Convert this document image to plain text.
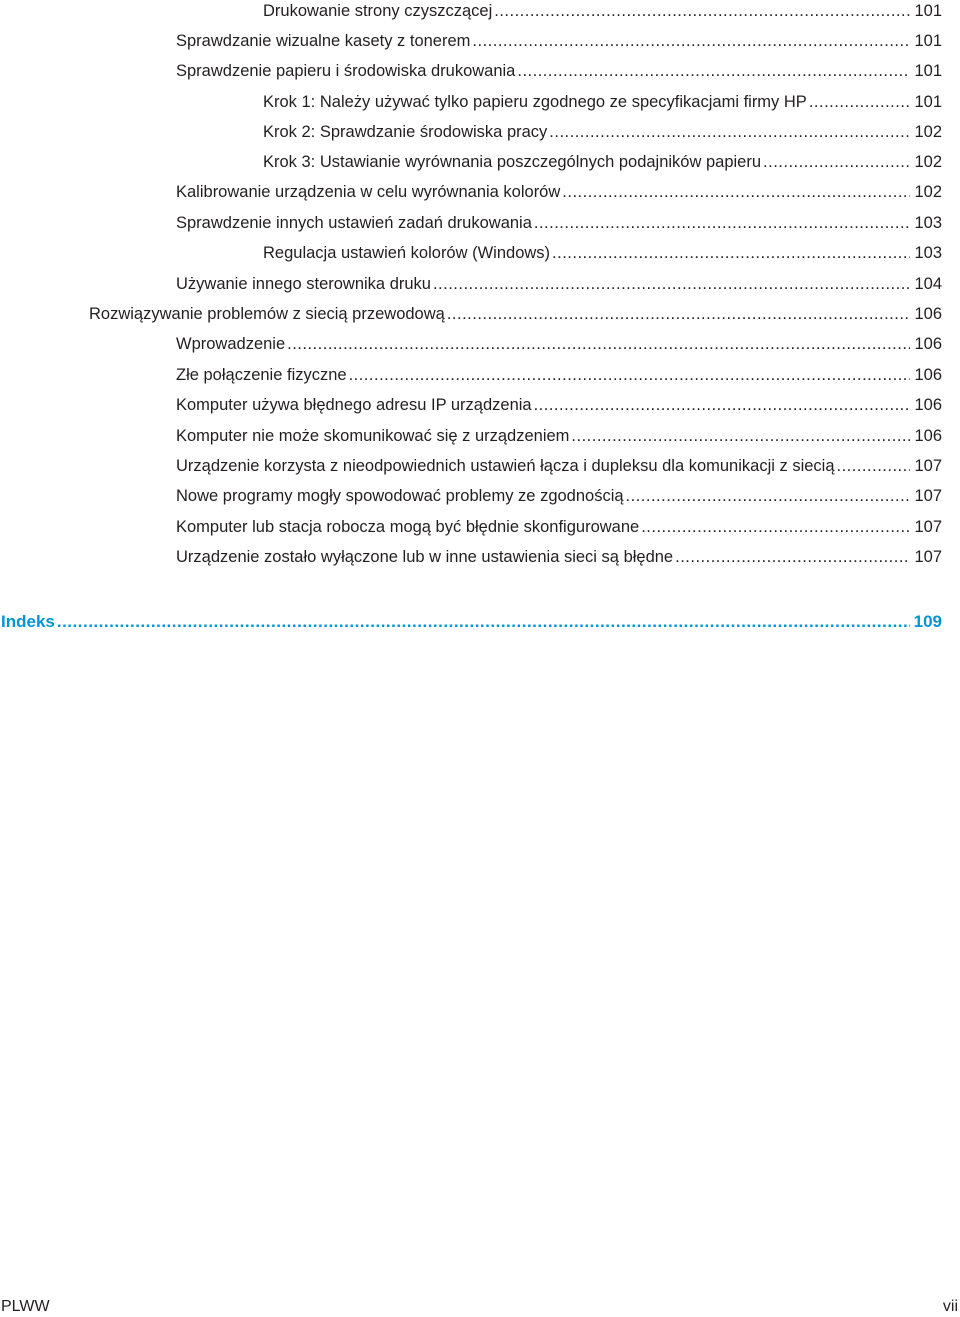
Drukowanie strony czyszczącej .....	101
Sprawdzanie wizualne kasety z tonerem .....	101
Sprawdzenie papieru i środowiska drukowania .....	101
Krok 1: Należy używać tylko papieru zgodnego ze specyfikacjami firmy HP .....	101
Krok 2: Sprawdzanie środowiska pracy .....	102
Krok 3: Ustawianie wyrównania poszczególnych podajników papieru .....	102
Kalibrowanie urządzenia w celu wyrównania kolorów .....	102
Sprawdzenie innych ustawień zadań drukowania .....	103
Regulacja ustawień kolorów (Windows) .....	103
Używanie innego sterownika druku .....	104
Rozwiązywanie problemów z siecią przewodową .....	106
Wprowadzenie .....	106
Złe połączenie fizyczne .....	106
Komputer używa błędnego adresu IP urządzenia .....	106
Komputer nie może skomunikować się z urządzeniem .....	106
Urządzenie korzysta z nieodpowiednich ustawień łącza i dupleksu dla komunikacji z siecią .....	107
Nowe programy mogły spowodować problemy ze zgodnością .....	107
Komputer lub stacja robocza mogą być błędnie skonfigurowane .....	107
Urządzenie zostało wyłączone lub w inne ustawienia sieci są błędne .....	107
Indeks .....	109
PLWW	vii
